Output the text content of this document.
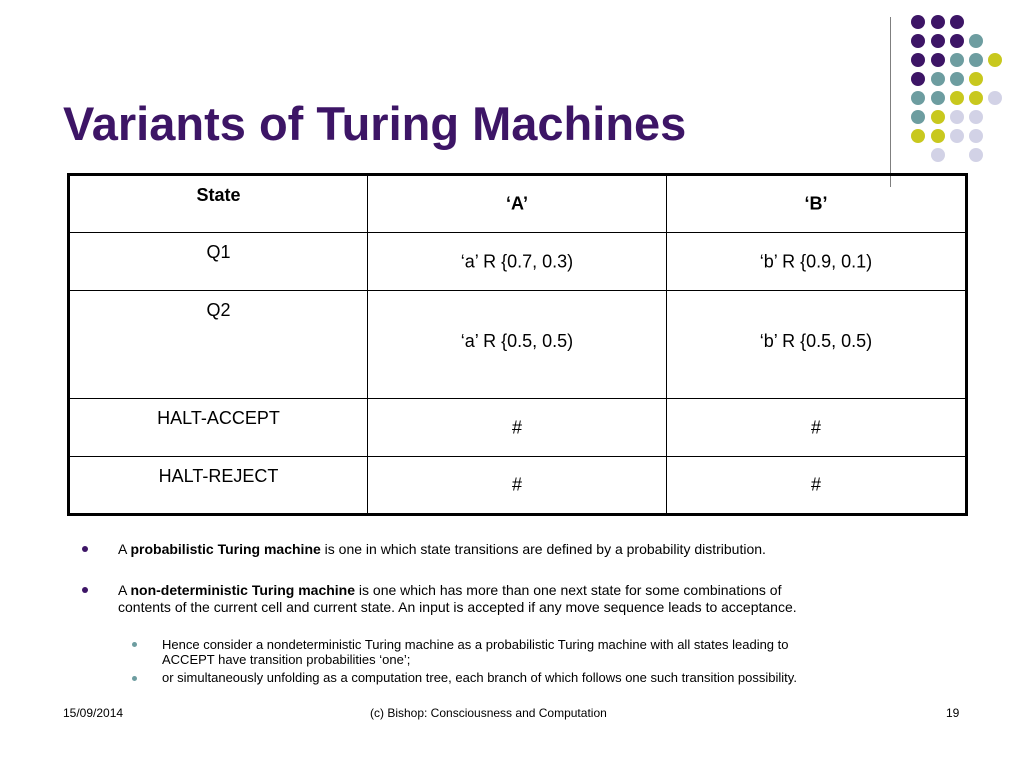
Variants of Turing Machines
State	‘A’	‘B’

Q1	‘a’ R {0.7, 0.3)	‘b’ R {0.9, 0.1)

Q2	‘a’ R {0.5, 0.5)	‘b’ R {0.5, 0.5)

HALT-ACCEPT	#	#

HALT-REJECT	#	#
A probabilistic Turing machine is one in which state transitions are defined by a probability distribution.
A non-deterministic Turing machine is one which has more than one next state for some combinations of
contents of the current cell and current state. An input is accepted if any move sequence leads to acceptance.
Hence consider a nondeterministic Turing machine as a probabilistic Turing machine with all states leading to
ACCEPT have transition probabilities ‘one’;
or simultaneously unfolding as a computation tree, each branch of which follows one such transition possibility.
15/09/2014	(c) Bishop: Consciousness and Computation	19
